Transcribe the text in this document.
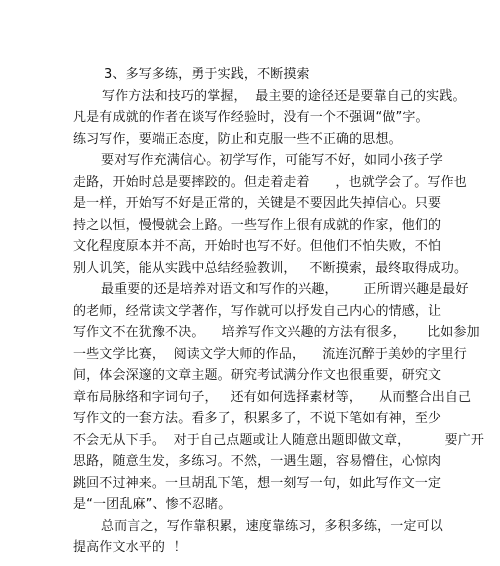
3、多写多练，勇于实践，不断摸索
写作方法和技巧的掌握，  最主要的途径还是要靠自己的实践。
凡是有成就的作者在谈写作经验时，没有一个不强调“做”字。
练习写作，要端正态度，防止和克服一些不正确的思想。
要对写作充满信心。初学写作，可能写不好，如同小孩子学
走路，开始时总是要摔跤的。但走着走着      ，也就学会了。写作也
是一样，开始写不好是正常的，关键是不要因此失掉信心。只要
持之以恒，慢慢就会上路。一些写作上很有成就的作家，他们的
文化程度原本并不高，开始时也写不好。但他们不怕失败，不怕
别人讥笑，能从实践中总结经验教训，   不断摸索，最终取得成功。
最重要的还是培养对语文和写作的兴趣，      正所谓兴趣是最好
的老师，经常读文学著作，写作就可以抒发自己内心的情感，让
写作文不在犹豫不决。    培养写作文兴趣的方法有很多，     比如参加
一些文学比赛，  阅读文学大师的作品，    流连沉醉于美妙的字里行
间，体会深邃的文章主题。研究考试满分作文也很重要，研究文
章布局脉络和字词句子，   还有如何选择素材等，    从而整合出自己
写作文的一套方法。看多了，积累多了，不说下笔如有神，至少
不会无从下手。  对于自己点题或让人随意出题即做文章，        要广开
思路，随意生发，多练习。不然，一遇生题，容易懵住，心惊肉
跳回不过神来。一旦胡乱下笔，想一刻写一句，如此写作文一定
是“一团乱麻”、惨不忍睹。
总而言之，写作靠积累，速度靠练习，多积多练，一定可以
提高作文水平的  ！
